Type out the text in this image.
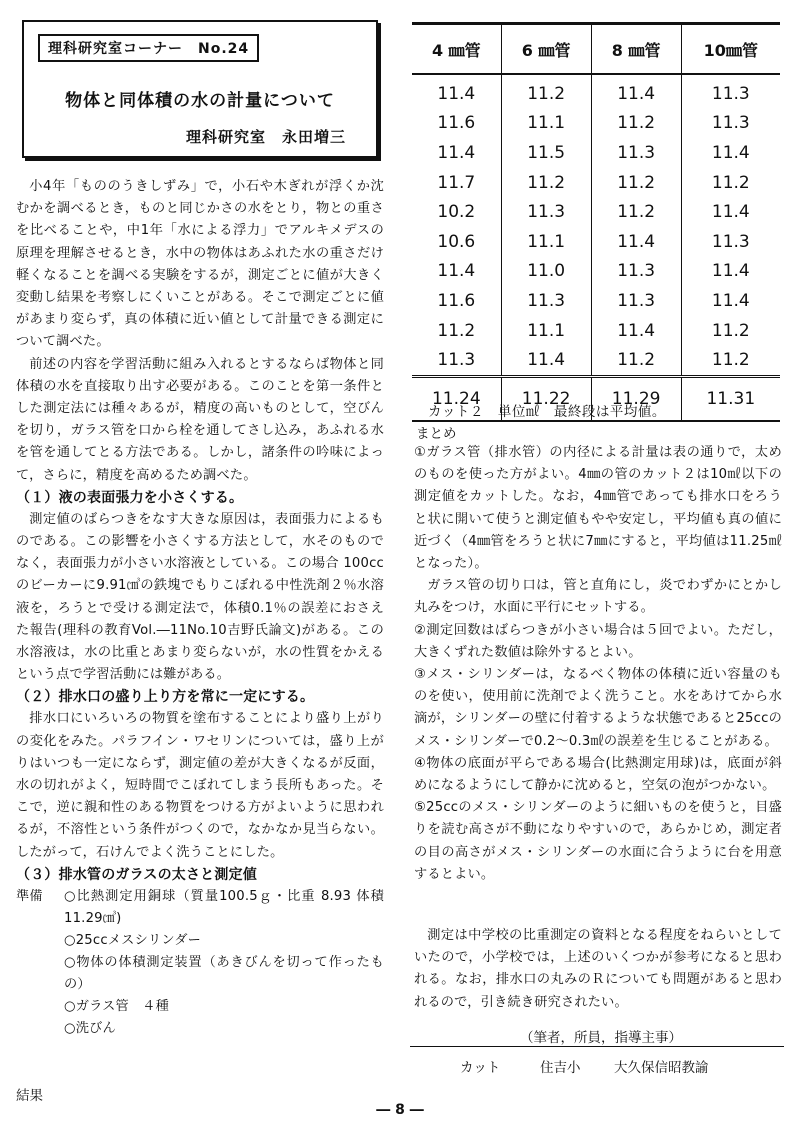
理科研究室コーナー　No.24
物体と同体積の水の計量について
理科研究室　永田増三

小4年「もののうきしずみ」で，小石や木ぎれが浮くか沈むかを調べるとき，ものと同じかさの水をとり，物との重さを比べることや，中1年「水による浮力」でアルキメデスの原理を理解させるとき，水中の物体はあふれた水の重さだけ軽くなることを調べる実験をするが，測定ごとに値が大きく変動し結果を考察しにくいことがある。そこで測定ごとに値があまり変らず，真の体積に近い値として計量できる測定について調べた。

前述の内容を学習活動に組み入れるとするならば物体と同体積の水を直接取り出す必要がある。このことを第一条件とした測定法には種々あるが，精度の高いものとして，空びんを切り，ガラス管を口から栓を通してさし込み，あふれる水を管を通してとる方法である。しかし，諸条件の吟味によって，さらに，精度を高めるため調べた。

（１）液の表面張力を小さくする。

測定値のばらつきをなす大きな原因は，表面張力によるものである。この影響を小さくする方法として，水そのものでなく，表面張力が小さい水溶液としている。この場合 100ccのビーカーに9.91㎤の鉄塊でもりこぼれる中性洗剤２％水溶液を，ろうとで受ける測定法で，体積0.1％の誤差におさえた報告(理科の教育Vol.―11No.10吉野氏論文)がある。この水溶液は，水の比重とあまり変らないが，水の性質をかえるという点で学習活動には難がある。

（２）排水口の盛り上り方を常に一定にする。

排水口にいろいろの物質を塗布することにより盛り上がりの変化をみた。パラフイン・ワセリンについては，盛り上がりはいつも一定にならず，測定値の差が大きくなるが反面，水の切れがよく，短時間でこぼれてしまう長所もあった。そこで，逆に親和性のある物質をつける方がよいように思われるが，不溶性という条件がつくので，なかなか見当らない。したがって，石けんでよく洗うことにした。

（３）排水管のガラスの太さと測定値
準備	○比熱測定用銅球（質量100.5ｇ・比重 8.93 体積11.29㎤)
○25ccメスシリンダー
○物体の体積測定装置（あきびんを切って作ったもの）
○ガラス管　４種
○洗びん
結果
4 ㎜管	6 ㎜管	8 ㎜管	10㎜管
11.4	11.2	11.4	11.3
11.6	11.1	11.2	11.3
11.4	11.5	11.3	11.4
11.7	11.2	11.2	11.2
10.2	11.3	11.2	11.4
10.6	11.1	11.4	11.3
11.4	11.0	11.3	11.4
11.6	11.3	11.3	11.4
11.2	11.1	11.4	11.2
11.3	11.4	11.2	11.2
11.24	11.22	11.29	11.31
カット２　単位㎖　最終段は平均値。
まとめ

①ガラス管（排水管）の内径による計量は表の通りで，太めのものを使った方がよい。4㎜の管のカット２は10㎖以下の測定値をカットした。なお，4㎜管であっても排水口をろうと状に開いて使うと測定値もやや安定し，平均値も真の値に近づく（4㎜管をろうと状に7㎜にすると，平均値は11.25㎖となった）。

ガラス管の切り口は，管と直角にし，炎でわずかにとかし丸みをつけ，水面に平行にセットする。

②測定回数はばらつきが小さい場合は５回でよい。ただし，大きくずれた数値は除外するとよい。

③メス・シリンダーは，なるべく物体の体積に近い容量のものを使い，使用前に洗剤でよく洗うこと。水をあけてから水滴が，シリンダーの壁に付着するような状態であると25ccのメス・シリンダーで0.2～0.3㎖の誤差を生じることがある。

④物体の底面が平らである場合(比熱測定用球)は，底面が斜めになるようにして静かに沈めると，空気の泡がつかない。

⑤25ccのメス・シリンダーのように細いものを使うと，目盛りを読む高さが不動になりやすいので，あらかじめ，測定者の目の高さがメス・シリンダーの水面に合うように台を用意するとよい。

測定は中学校の比重測定の資料となる程度をねらいとしていたので，小学校では，上述のいくつかが参考になると思われる。なお，排水口の丸みのＲについても問題があると思われるので，引き続き研究されたい。

（筆者，所員，指導主事）
カット	住吉小 大久保信昭教諭
― 8 ―
